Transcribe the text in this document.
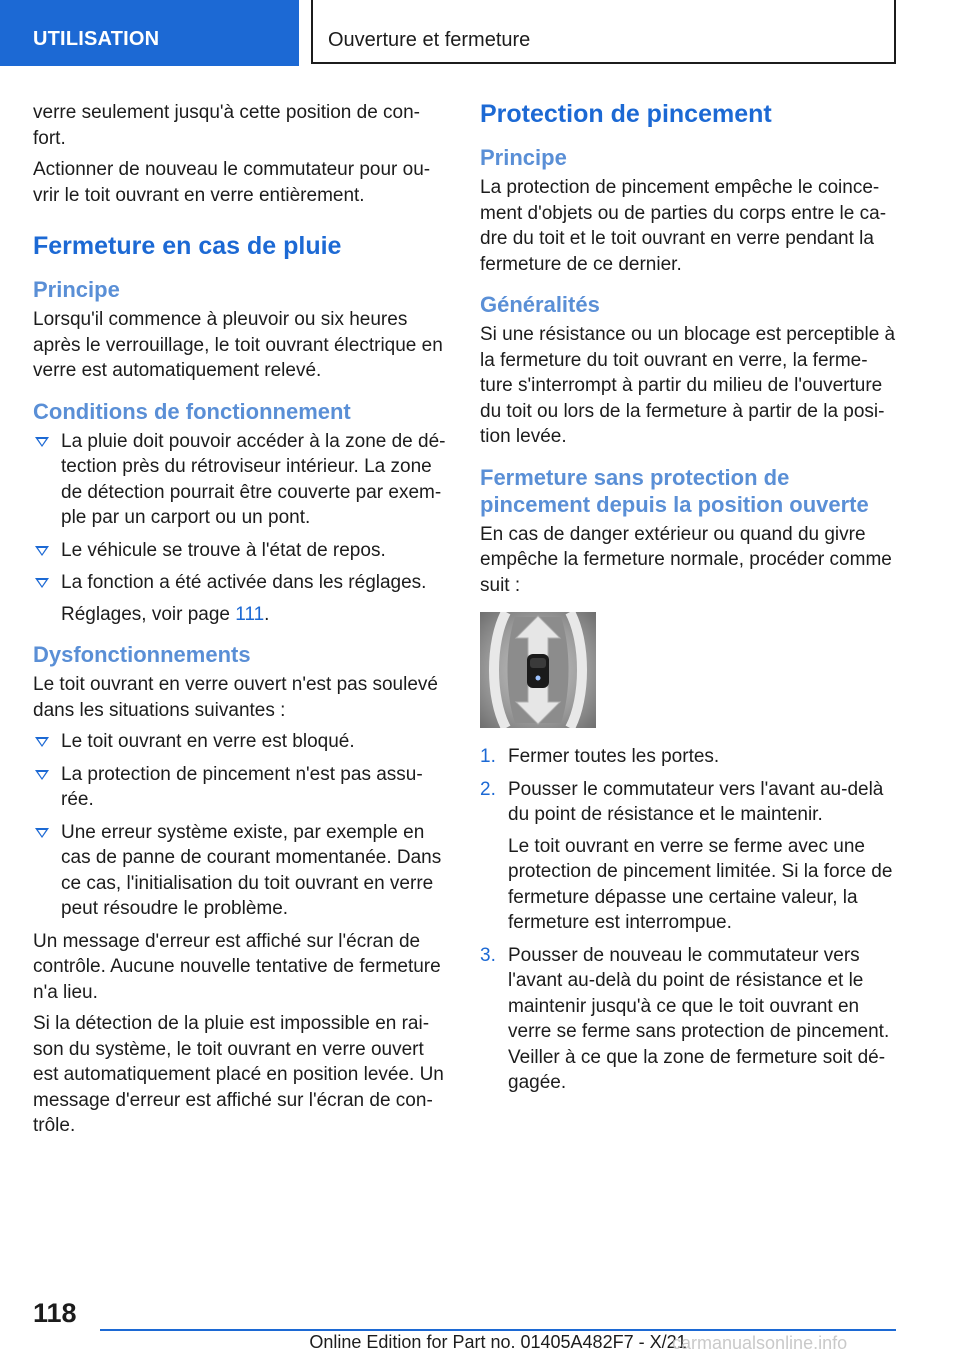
UTILISATION	Ouverture et fermeture

verre seulement jusqu'à cette position de con-fort.

Actionner de nouveau le commutateur pour ou-vrir le toit ouvrant en verre entièrement.

Fermeture en cas de pluie
Principe

Lorsqu'il commence à pleuvoir ou six heures après le verrouillage, le toit ouvrant électrique en verre est automatiquement relevé.

Conditions de fonctionnement
La pluie doit pouvoir accéder à la zone de dé-tection près du rétroviseur intérieur. La zone de détection pourrait être couverte par exem-ple par un carport ou un pont.
Le véhicule se trouve à l'état de repos.
La fonction a été activée dans les réglages.
Réglages, voir page 111.
Dysfonctionnements

Le toit ouvrant en verre ouvert n'est pas soulevé dans les situations suivantes :

Le toit ouvrant en verre est bloqué.
La protection de pincement n'est pas assu-rée.
Une erreur système existe, par exemple en cas de panne de courant momentanée. Dans ce cas, l'initialisation du toit ouvrant en verre peut résoudre le problème.

Un message d'erreur est affiché sur l'écran de contrôle. Aucune nouvelle tentative de fermeture n'a lieu.

Si la détection de la pluie est impossible en rai-son du système, le toit ouvrant en verre ouvert est automatiquement placé en position levée. Un message d'erreur est affiché sur l'écran de con-trôle.

Protection de pincement
Principe

La protection de pincement empêche le coince-ment d'objets ou de parties du corps entre le ca-dre du toit et le toit ouvrant en verre pendant la fermeture de ce dernier.

Généralités

Si une résistance ou un blocage est perceptible à la fermeture du toit ouvrant en verre, la ferme-ture s'interrompt à partir du milieu de l'ouverture du toit ou lors de la fermeture à partir de la posi-tion levée.

Fermeture sans protection de pincement depuis la position ouverte

En cas de danger extérieur ou quand du givre empêche la fermeture normale, procéder comme suit :

1. Fermer toutes les portes.
2. Pousser le commutateur vers l'avant au-delà du point de résistance et le maintenir.
Le toit ouvrant en verre se ferme avec une protection de pincement limitée. Si la force de fermeture dépasse une certaine valeur, la fermeture est interrompue.
3. Pousser de nouveau le commutateur vers l'avant au-delà du point de résistance et le maintenir jusqu'à ce que le toit ouvrant en verre se ferme sans protection de pincement. Veiller à ce que la zone de fermeture soit dé-gagée.
118
Online Edition for Part no. 01405A482F7 - X/21
carmanualsonline.info
